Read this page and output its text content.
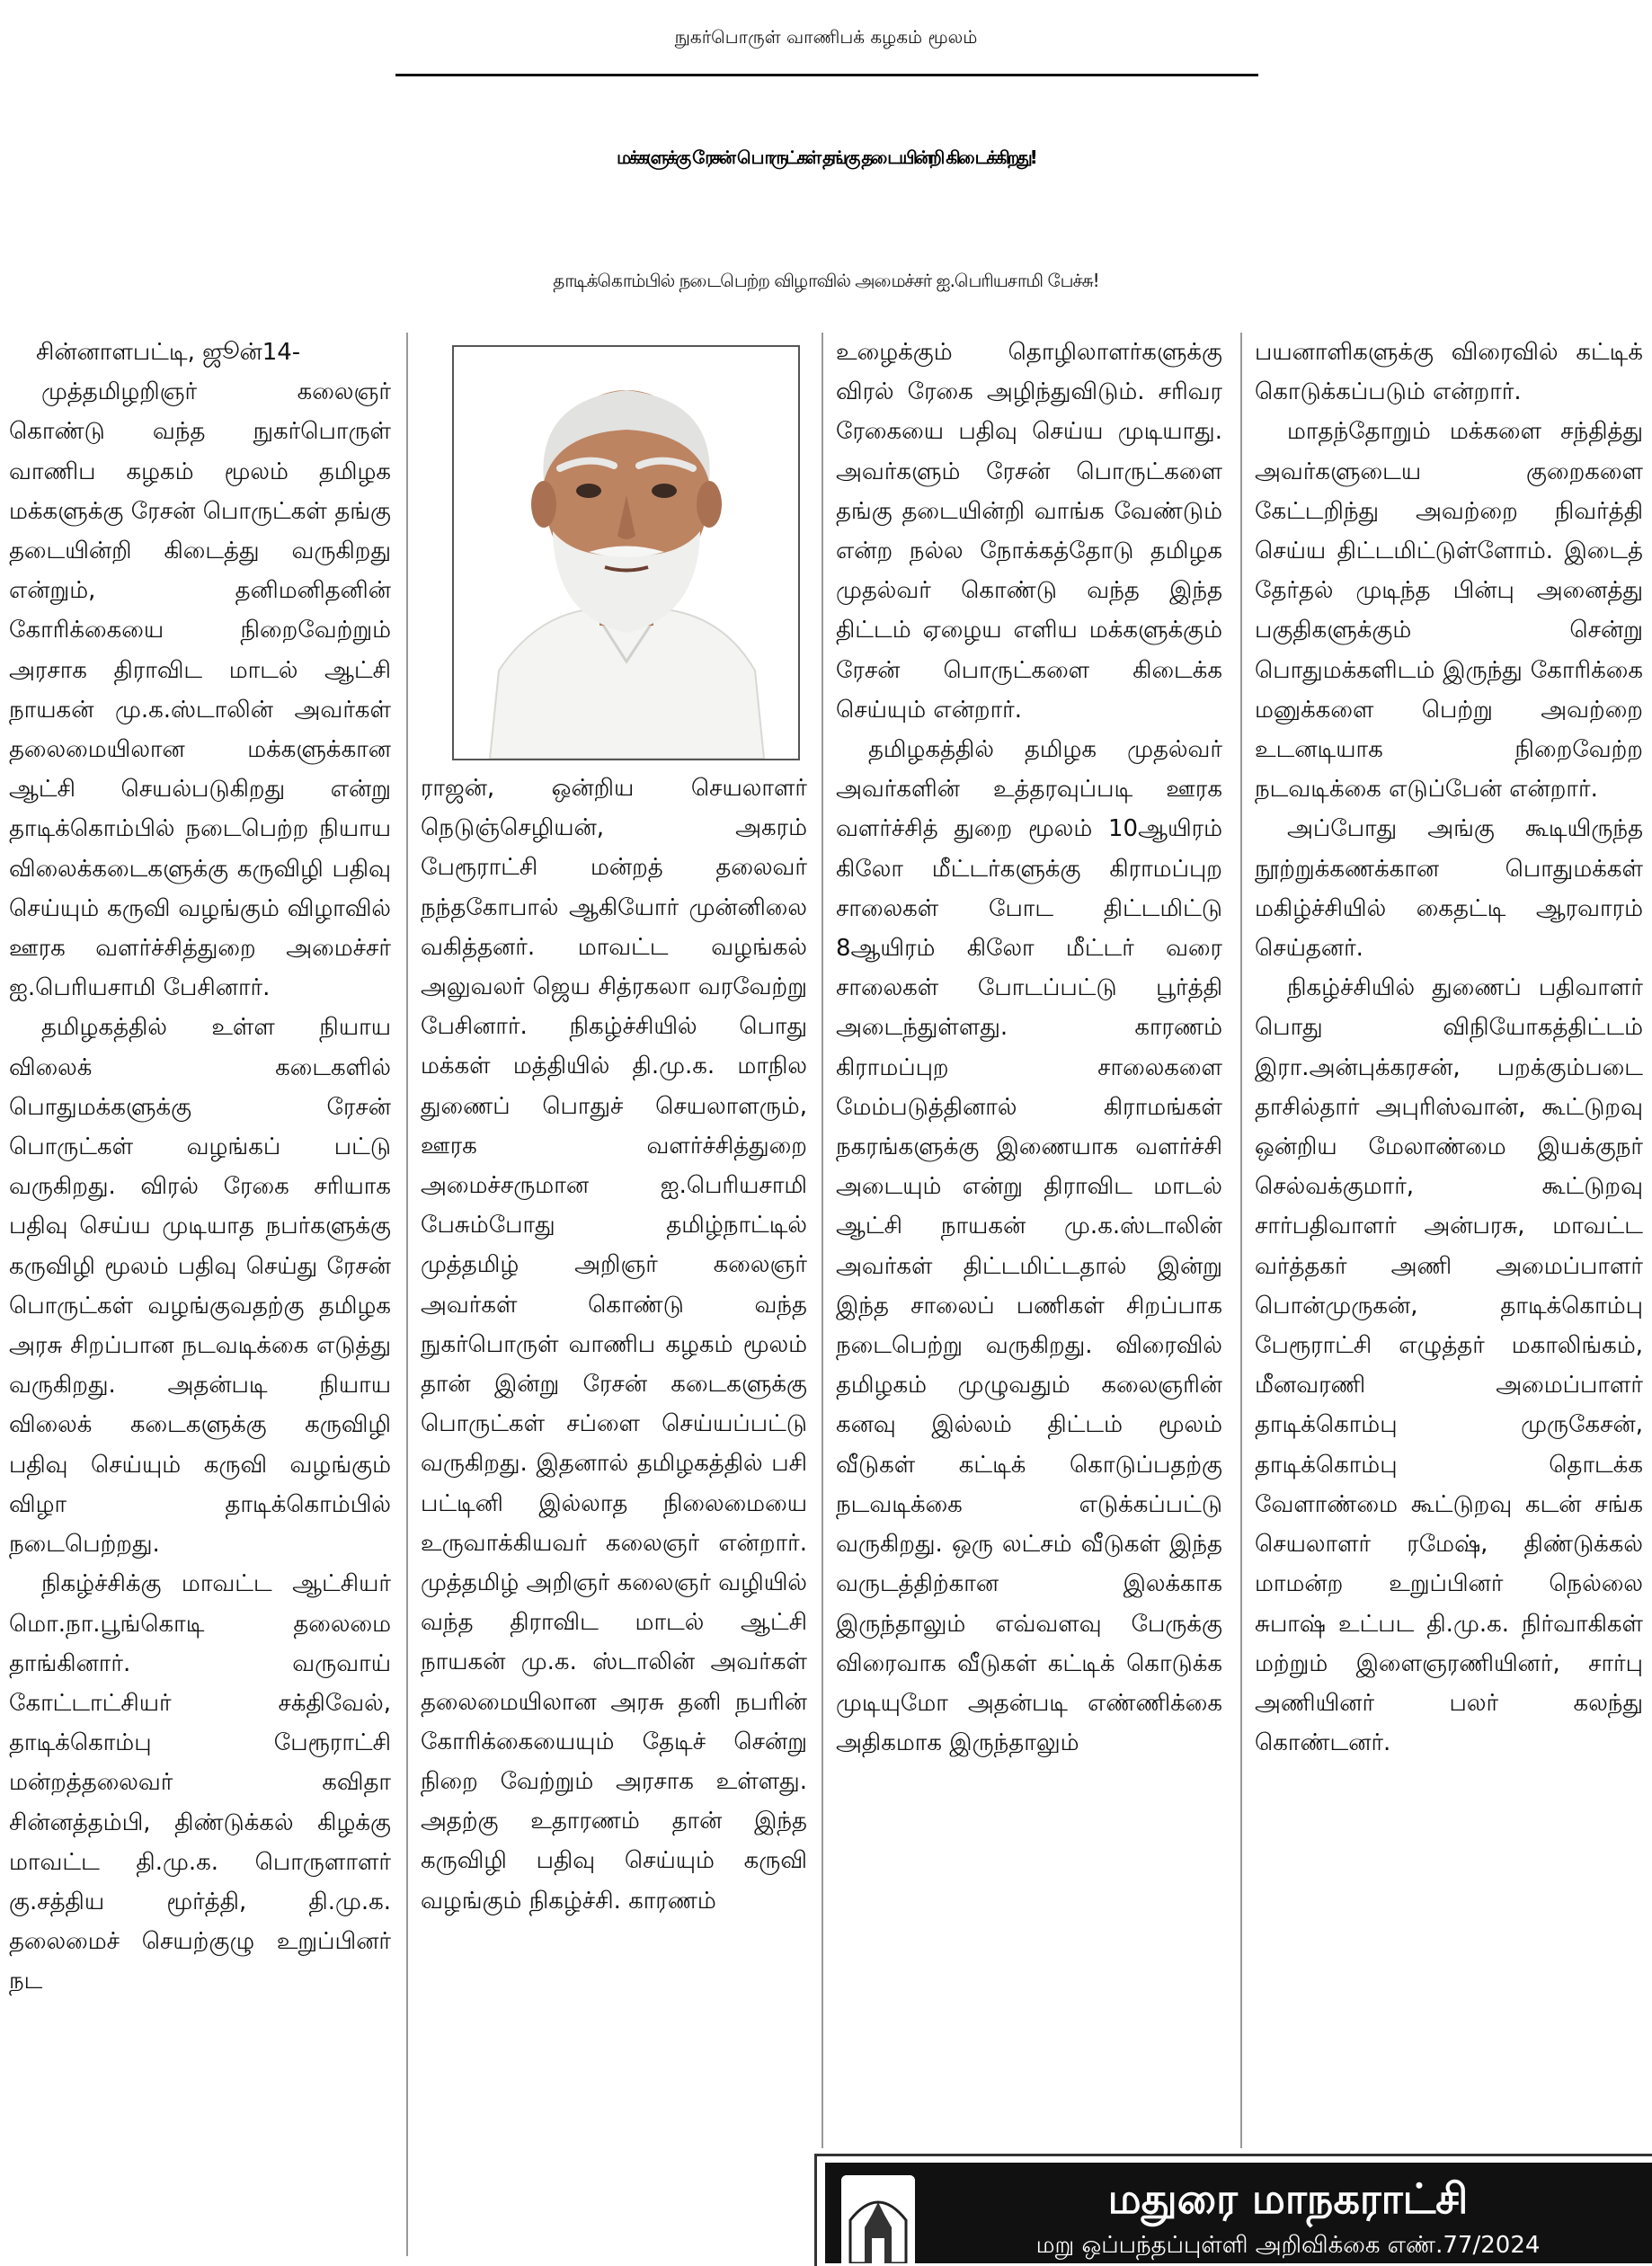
நுகர்பொருள் வாணிபக் கழகம் மூலம்
மக்களுக்கு ரேசன் பொருட்கள் தங்கு தடையின்றி கிடைக்கிறது!
தாடிக்கொம்பில் நடைபெற்ற விழாவில் அமைச்சர் ஐ.பெரியசாமி பேச்சு!

சின்னாளபட்டி, ஜூன்14-

முத்தமிழறிஞர் கலைஞர் கொண்டு வந்த நுகர்பொருள் வாணிப கழகம் மூலம் தமிழக மக்களுக்கு ரேசன் பொருட்கள் தங்கு தடையின்றி கிடைத்து வருகிறது என்றும், தனிமனிதனின் கோரிக்கையை நிறைவேற்றும் அரசாக திராவிட மாடல் ஆட்சி நாயகன் மு.க.ஸ்டாலின் அவர்கள் தலைமையிலான மக்களுக்கான ஆட்சி செயல்படுகிறது என்று தாடிக்கொம்பில் நடைபெற்ற நியாய விலைக்கடைகளுக்கு கருவிழி பதிவு செய்யும் கருவி வழங்கும் விழாவில் ஊரக வளர்ச்சித்துறை அமைச்சர் ஐ.பெரியசாமி பேசினார்.

தமிழகத்தில் உள்ள நியாய விலைக் கடைகளில் பொதுமக்களுக்கு ரேசன் பொருட்கள் வழங்கப் பட்டு வருகிறது. விரல் ரேகை சரியாக பதிவு செய்ய முடியாத நபர்களுக்கு கருவிழி மூலம் பதிவு செய்து ரேசன் பொருட்கள் வழங்குவதற்கு தமிழக அரசு சிறப்பான நடவடிக்கை எடுத்து வருகிறது. அதன்படி நியாய விலைக் கடைகளுக்கு கருவிழி பதிவு செய்யும் கருவி வழங்கும் விழா தாடிக்கொம்பில் நடைபெற்றது.

நிகழ்ச்சிக்கு மாவட்ட ஆட்சியர் மொ.நா.பூங்கொடி தலைமை தாங்கினார். வருவாய் கோட்டாட்சியர் சக்திவேல், தாடிக்கொம்பு பேரூராட்சி மன்றத்தலைவர் கவிதா சின்னத்தம்பி, திண்டுக்கல் கிழக்கு மாவட்ட தி.மு.க. பொருளாளர் கு.சத்திய மூர்த்தி, தி.மு.க. தலைமைச் செயற்குழு உறுப்பினர் நட

ராஜன், ஒன்றிய செயலாளர் நெடுஞ்செழியன், அகரம் பேரூராட்சி மன்றத் தலைவர் நந்தகோபால் ஆகியோர் முன்னிலை வகித்தனர். மாவட்ட வழங்கல் அலுவலர் ஜெய சித்ரகலா வரவேற்று பேசினார். நிகழ்ச்சியில் பொது மக்கள் மத்தியில் தி.மு.க. மாநில துணைப் பொதுச் செயலாளரும், ஊரக வளர்ச்சித்துறை அமைச்சருமான ஐ.பெரியசாமி பேசும்போது தமிழ்நாட்டில் முத்தமிழ் அறிஞர் கலைஞர் அவர்கள் கொண்டு வந்த நுகர்பொருள் வாணிப கழகம் மூலம் தான் இன்று ரேசன் கடைகளுக்கு பொருட்கள் சப்ளை செய்யப்பட்டு வருகிறது. இதனால் தமிழகத்தில் பசி பட்டினி இல்லாத நிலைமையை உருவாக்கியவர் கலைஞர் என்றார். முத்தமிழ் அறிஞர் கலைஞர் வழியில் வந்த திராவிட மாடல் ஆட்சி நாயகன் மு.க. ஸ்டாலின் அவர்கள் தலைமையிலான அரசு தனி நபரின் கோரிக்கையையும் தேடிச் சென்று நிறை வேற்றும் அரசாக உள்ளது. அதற்கு உதாரணம் தான் இந்த கருவிழி பதிவு செய்யும் கருவி வழங்கும் நிகழ்ச்சி. காரணம்

உழைக்கும் தொழிலாளர்களுக்கு விரல் ரேகை அழிந்துவிடும். சரிவர ரேகையை பதிவு செய்ய முடியாது. அவர்களும் ரேசன் பொருட்களை தங்கு தடையின்றி வாங்க வேண்டும் என்ற நல்ல நோக்கத்தோடு தமிழக முதல்வர் கொண்டு வந்த இந்த திட்டம் ஏழைய எளிய மக்களுக்கும் ரேசன் பொருட்களை கிடைக்க செய்யும் என்றார்.

தமிழகத்தில் தமிழக முதல்வர் அவர்களின் உத்தரவுப்படி ஊரக வளர்ச்சித் துறை மூலம் 10ஆயிரம் கிலோ மீட்டர்களுக்கு கிராமப்புற சாலைகள் போட திட்டமிட்டு 8ஆயிரம் கிலோ மீட்டர் வரை சாலைகள் போடப்பட்டு பூர்த்தி அடைந்துள்ளது. காரணம் கிராமப்புற சாலைகளை மேம்படுத்தினால் கிராமங்கள் நகரங்களுக்கு இணையாக வளர்ச்சி அடையும் என்று திராவிட மாடல் ஆட்சி நாயகன் மு.க.ஸ்டாலின் அவர்கள் திட்டமிட்டதால் இன்று இந்த சாலைப் பணிகள் சிறப்பாக நடைபெற்று வருகிறது. விரைவில் தமிழகம் முழுவதும் கலைஞரின் கனவு இல்லம் திட்டம் மூலம் வீடுகள் கட்டிக் கொடுப்பதற்கு நடவடிக்கை எடுக்கப்பட்டு வருகிறது. ஒரு லட்சம் வீடுகள் இந்த வருடத்திற்கான இலக்காக இருந்தாலும் எவ்வளவு பேருக்கு விரைவாக வீடுகள் கட்டிக் கொடுக்க முடியுமோ அதன்படி எண்ணிக்கை அதிகமாக இருந்தாலும்

பயனாளிகளுக்கு விரைவில் கட்டிக் கொடுக்கப்படும் என்றார்.

மாதந்தோறும் மக்களை சந்தித்து அவர்களுடைய குறைகளை கேட்டறிந்து அவற்றை நிவர்த்தி செய்ய திட்டமிட்டுள்ளோம். இடைத் தேர்தல் முடிந்த பின்பு அனைத்து பகுதிகளுக்கும் சென்று பொதுமக்களிடம் இருந்து கோரிக்கை மனுக்களை பெற்று அவற்றை உடனடியாக நிறைவேற்ற நடவடிக்கை எடுப்பேன் என்றார்.

அப்போது அங்கு கூடியிருந்த நூற்றுக்கணக்கான பொதுமக்கள் மகிழ்ச்சியில் கைதட்டி ஆரவாரம் செய்தனர்.

நிகழ்ச்சியில் துணைப் பதிவாளர் பொது விநியோகத்திட்டம் இரா.அன்புக்கரசன், பறக்கும்படை தாசில்தார் அபுரிஸ்வான், கூட்டுறவு ஒன்றிய மேலாண்மை இயக்குநர் செல்வக்குமார், கூட்டுறவு சார்பதிவாளர் அன்பரசு, மாவட்ட வர்த்தகர் அணி அமைப்பாளர் பொன்முருகன், தாடிக்கொம்பு பேரூராட்சி எழுத்தர் மகாலிங்கம், மீனவரணி அமைப்பாளர் தாடிக்கொம்பு முருகேசன், தாடிக்கொம்பு தொடக்க வேளாண்மை கூட்டுறவு கடன் சங்க செயலாளர் ரமேஷ், திண்டுக்கல் மாமன்ற உறுப்பினர் நெல்லை சுபாஷ் உட்பட தி.மு.க. நிர்வாகிகள் மற்றும் இளைஞரணியினர், சார்பு அணியினர் பலர் கலந்து கொண்டனர்.

மதுரை மாநகராட்சி
மறு ஒப்பந்தப்புள்ளி அறிவிக்கை எண்.77/2024
